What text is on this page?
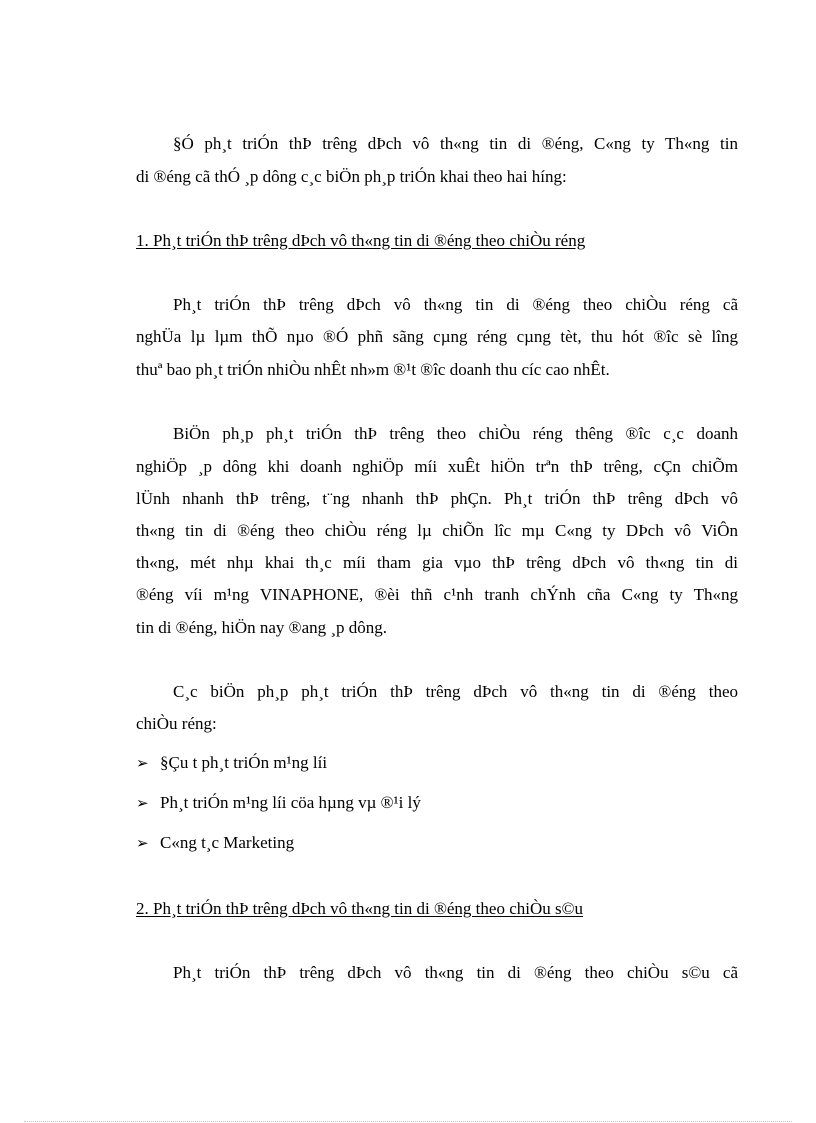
§Ó ph¸t triÓn thÞ trêng dÞch vô th«ng tin di ®éng, C«ng ty Th«ng tin
di ®éng cã thÓ ¸p dông c¸c biÖn ph¸p triÓn khai theo hai híng:
1. Ph¸t triÓn thÞ trêng dÞch vô th«ng tin di ®éng theo chiÒu réng
Ph¸t triÓn thÞ trêng dÞch vô th«ng tin di ®éng theo chiÒu réng cã
nghÜa lµ lµm thÕ nµo ®Ó phñ sãng cµng réng cµng tèt, thu hót ®îc sè lîng
thuª bao ph¸t triÓn nhiÒu nhÊt nh»m ®¹t ®îc doanh thu cíc cao nhÊt.
BiÖn ph¸p ph¸t triÓn thÞ trêng theo chiÒu réng thêng ®îc c¸c doanh
nghiÖp ¸p dông khi doanh nghiÖp míi xuÊt hiÖn trªn thÞ trêng, cÇn chiÕm
lÜnh nhanh thÞ trêng, t¨ng nhanh thÞ phÇn. Ph¸t triÓn thÞ trêng dÞch vô
th«ng tin di ®éng theo chiÒu réng lµ chiÕn lîc mµ C«ng ty DÞch vô ViÔn
th«ng, mét nhµ khai th¸c míi tham gia vµo thÞ trêng dÞch vô th«ng tin di
®éng víi m¹ng VINAPHONE, ®èi thñ c¹nh tranh chÝnh cña C«ng ty Th«ng
tin di ®éng, hiÖn nay ®ang ¸p dông.
C¸c biÖn ph¸p ph¸t triÓn thÞ trêng dÞch vô th«ng tin di ®éng theo
chiÒu réng:
➢ §Çu t ph¸t triÓn m¹ng líi
➢ Ph¸t triÓn m¹ng líi cöa hµng vµ ®¹i lý
➢ C«ng t¸c Marketing
2. Ph¸t triÓn thÞ trêng dÞch vô th«ng tin di ®éng theo chiÒu s©u
Ph¸t triÓn thÞ trêng dÞch vô th«ng tin di ®éng theo chiÒu s©u cã
